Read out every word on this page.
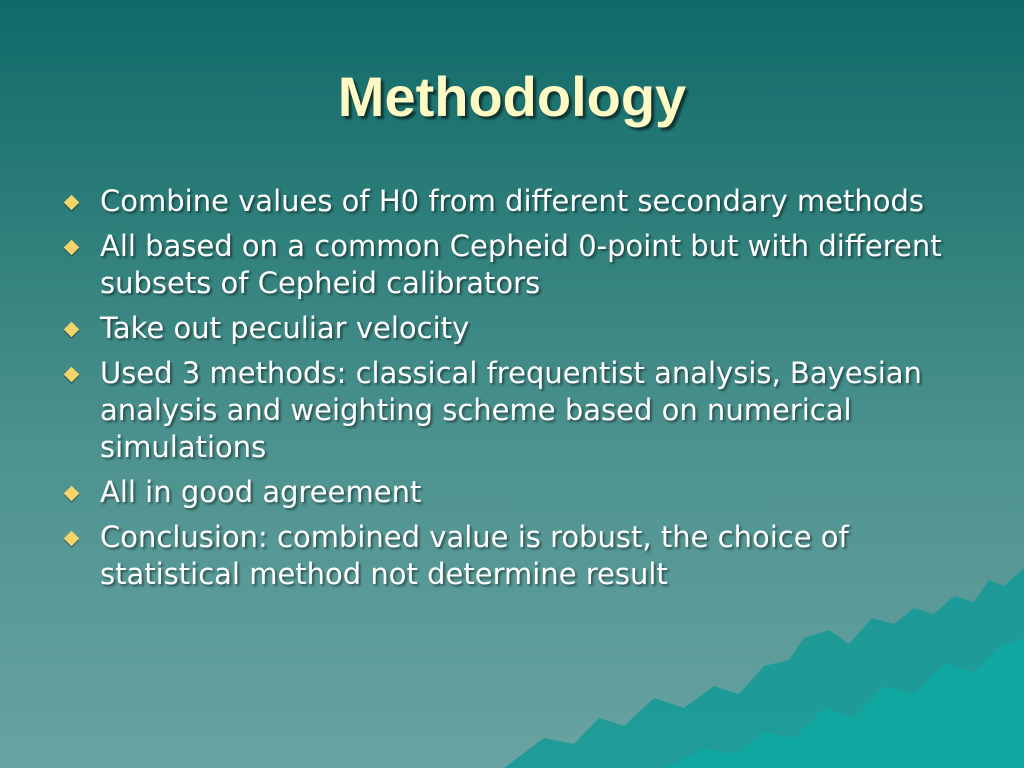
Methodology
Combine values of H0 from different secondary methods
All based on a common Cepheid 0-point but with different subsets of Cepheid calibrators
Take out peculiar velocity
Used 3 methods: classical frequentist analysis, Bayesian analysis and weighting scheme based on numerical simulations
All in good agreement
Conclusion: combined value is robust, the choice of statistical method not determine result
